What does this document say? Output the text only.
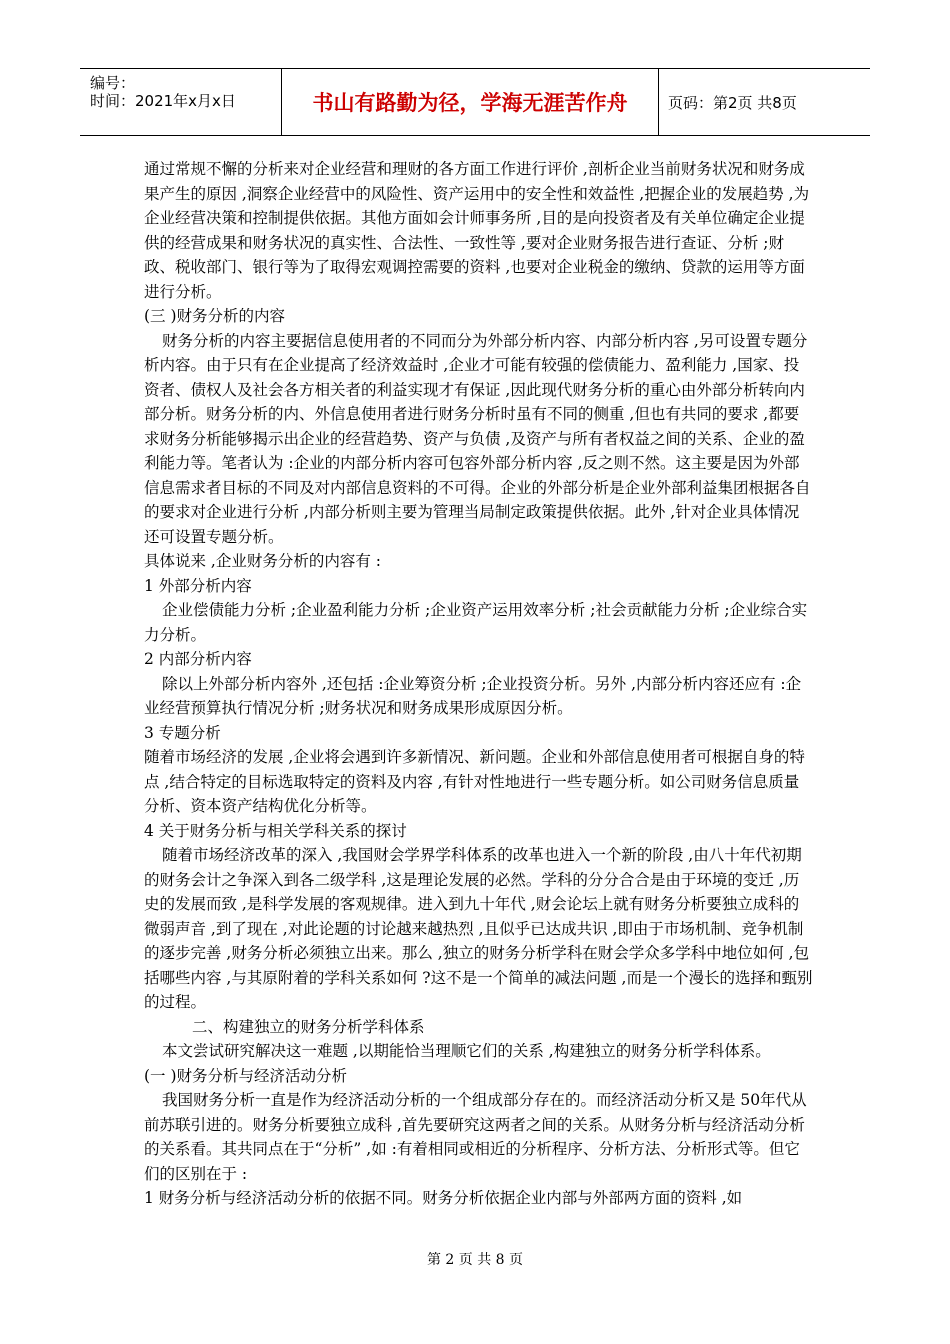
编号：
时间：2021年x月x日	书山有路勤为径，学海无涯苦作舟	页码：第2页 共8页

通过常规不懈的分析来对企业经营和理财的各方面工作进行评价 ,剖析企业当前财务状况和财务成果产生的原因 ,洞察企业经营中的风险性、资产运用中的安全性和效益性 ,把握企业的发展趋势 ,为企业经营决策和控制提供依据。其他方面如会计师事务所 ,目的是向投资者及有关单位确定企业提供的经营成果和财务状况的真实性、合法性、一致性等 ,要对企业财务报告进行查证、分析 ;财政、税收部门、银行等为了取得宏观调控需要的资料 ,也要对企业税金的缴纳、贷款的运用等方面进行分析。

(三 )财务分析的内容

财务分析的内容主要据信息使用者的不同而分为外部分析内容、内部分析内容 ,另可设置专题分析内容。由于只有在企业提高了经济效益时 ,企业才可能有较强的偿债能力、盈利能力 ,国家、投资者、债权人及社会各方相关者的利益实现才有保证 ,因此现代财务分析的重心由外部分析转向内部分析。财务分析的内、外信息使用者进行财务分析时虽有不同的侧重 ,但也有共同的要求 ,都要求财务分析能够揭示出企业的经营趋势、资产与负债 ,及资产与所有者权益之间的关系、企业的盈利能力等。笔者认为 :企业的内部分析内容可包容外部分析内容 ,反之则不然。这主要是因为外部信息需求者目标的不同及对内部信息资料的不可得。企业的外部分析是企业外部利益集团根据各自的要求对企业进行分析 ,内部分析则主要为管理当局制定政策提供依据。此外 ,针对企业具体情况还可设置专题分析。

具体说来 ,企业财务分析的内容有 :

1 外部分析内容

企业偿债能力分析 ;企业盈利能力分析 ;企业资产运用效率分析 ;社会贡献能力分析 ;企业综合实力分析。

2 内部分析内容

除以上外部分析内容外 ,还包括 :企业筹资分析 ;企业投资分析。另外 ,内部分析内容还应有 :企业经营预算执行情况分析 ;财务状况和财务成果形成原因分析。

3 专题分析

随着市场经济的发展 ,企业将会遇到许多新情况、新问题。企业和外部信息使用者可根据自身的特点 ,结合特定的目标选取特定的资料及内容 ,有针对性地进行一些专题分析。如公司财务信息质量分析、资本资产结构优化分析等。

4 关于财务分析与相关学科关系的探讨

随着市场经济改革的深入 ,我国财会学界学科体系的改革也进入一个新的阶段 ,由八十年代初期的财务会计之争深入到各二级学科 ,这是理论发展的必然。学科的分分合合是由于环境的变迁 ,历史的发展而致 ,是科学发展的客观规律。进入到九十年代 ,财会论坛上就有财务分析要独立成科的微弱声音 ,到了现在 ,对此论题的讨论越来越热烈 ,且似乎已达成共识 ,即由于市场机制、竞争机制的逐步完善 ,财务分析必须独立出来。那么 ,独立的财务分析学科在财会学众多学科中地位如何 ,包括哪些内容 ,与其原附着的学科关系如何 ?这不是一个简单的减法问题 ,而是一个漫长的选择和甄别的过程。

二、构建独立的财务分析学科体系

本文尝试研究解决这一难题 ,以期能恰当理顺它们的关系 ,构建独立的财务分析学科体系。

(一 )财务分析与经济活动分析

我国财务分析一直是作为经济活动分析的一个组成部分存在的。而经济活动分析又是 50年代从前苏联引进的。财务分析要独立成科 ,首先要研究这两者之间的关系。从财务分析与经济活动分析的关系看。其共同点在于“分析” ,如 :有着相同或相近的分析程序、分析方法、分析形式等。但它们的区别在于 :

1 财务分析与经济活动分析的依据不同。财务分析依据企业内部与外部两方面的资料 ,如

第 2 页 共 8 页
